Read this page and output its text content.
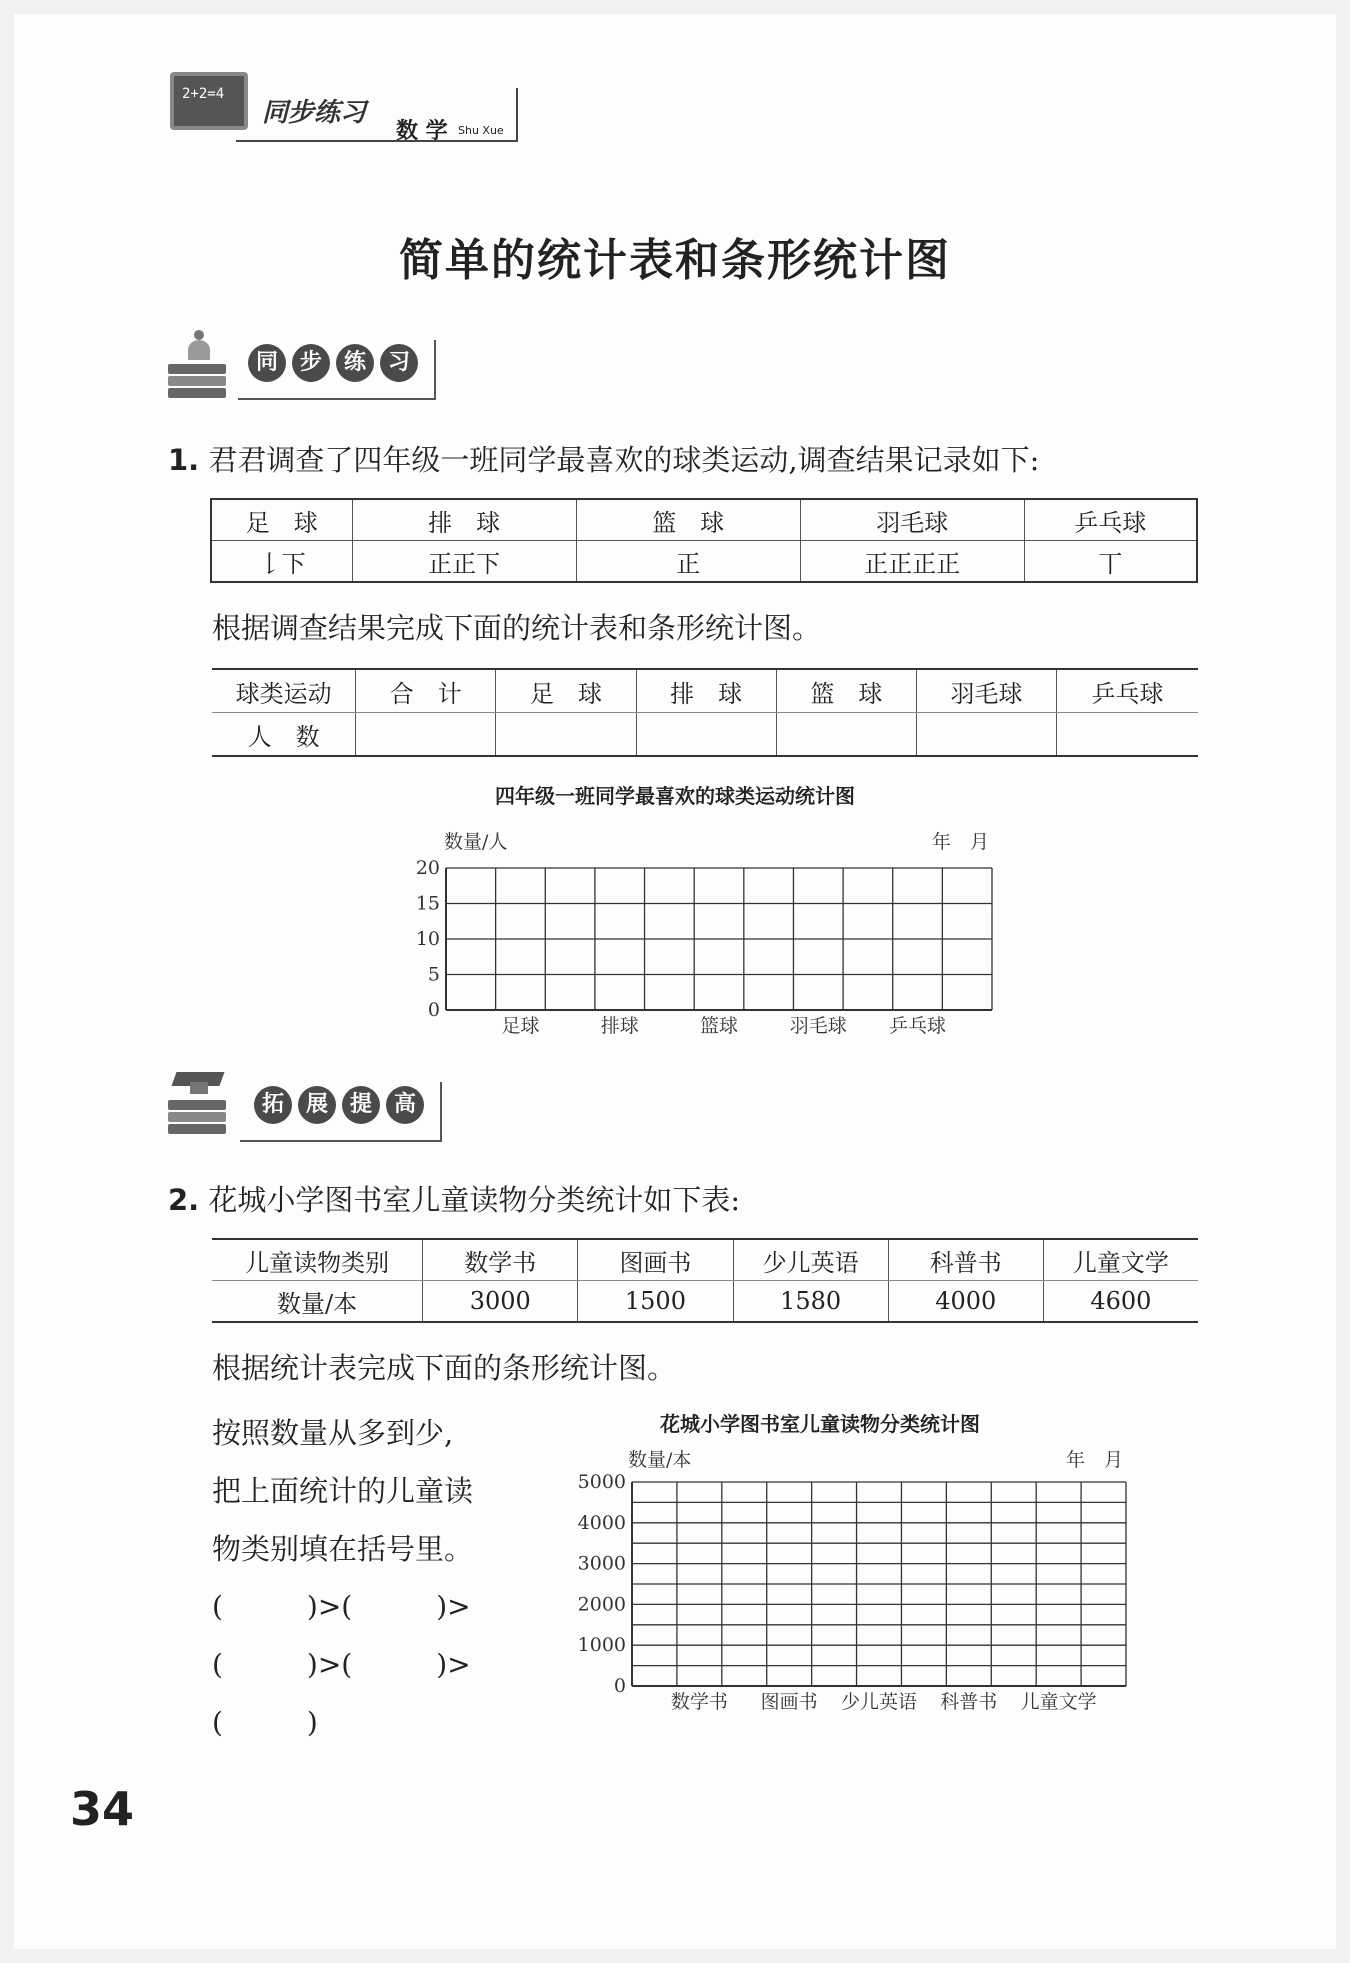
2+2=4
同步练习
数 学 Shu Xue
简单的统计表和条形统计图
同 步 练 习
1. 君君调查了四年级一班同学最喜欢的球类运动,调查结果记录如下:
足　球	排　球	篮　球	羽毛球	乒乓球
𠄌下	正正下	正	正正正正	丅
根据调查结果完成下面的统计表和条形统计图。
球类运动	合　计	足　球	排　球	篮　球	羽毛球	乒乓球
人　数						
四年级一班同学最喜欢的球类运动统计图
数量/人	年　月
0
5
10
15
20
足球	排球	篮球	羽毛球 乒乓球
拓 展 提 高
2. 花城小学图书室儿童读物分类统计如下表:
儿童读物类别	数学书	图画书	少儿英语	科普书	儿童文学
数量/本	3000	1500	1580	4000	4600
根据统计表完成下面的条形统计图。
按照数量从多到少,
把上面统计的儿童读
物类别填在括号里。
(　　　)>(　　　)>
(　　　)>(　　　)>
(　　　)
花城小学图书室儿童读物分类统计图
数量/本	年　月
0
1000
2000
3000
4000
5000
数学书 图画书 少儿英语 科普书 儿童文学
34
